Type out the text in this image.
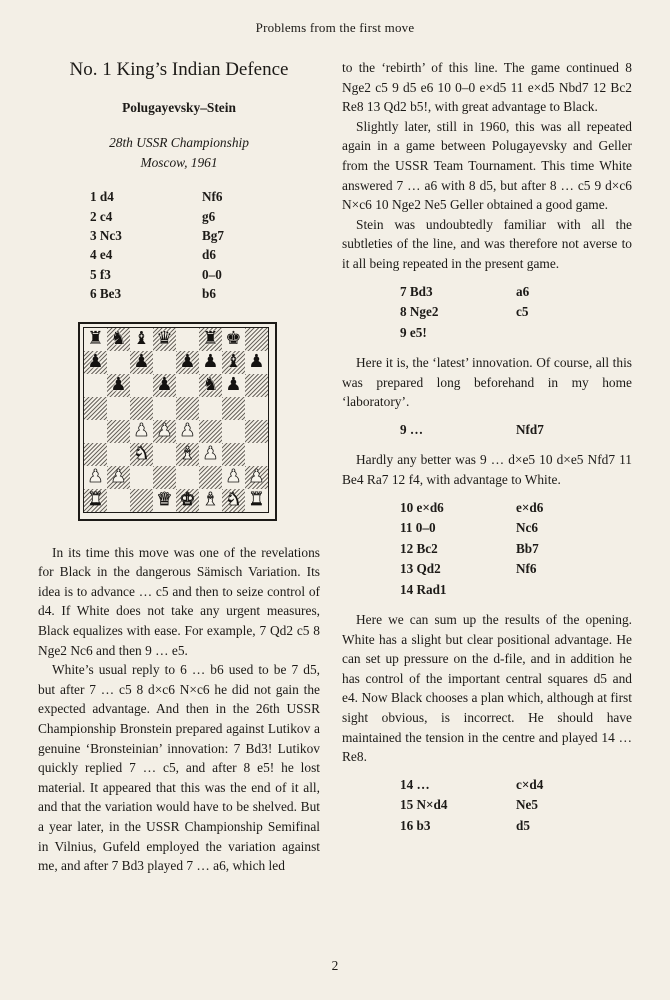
Problems from the first move
No. 1 King’s Indian Defence
Polugayevsky–Stein
28th USSR Championship
Moscow, 1961
1 d4	Nf6
2 c4	g6
3 Nc3	Bg7
4 e4	d6
5 f3	0–0
6 Be3	b6
♜ ♞ ♝ ♛ ♜ ♚
♟ ♟ ♟ ♟ ♝ ♟
♟ ♟ ♞ ♟
♟ ♟ ♟
♞ ♝ ♟
♟ ♟	♟ ♟
♜	♛ ♚ ♝ ♞ ♜

In its time this move was one of the revelations for Black in the dangerous Sämisch Variation. Its idea is to advance … c5 and then to seize control of d4. If White does not take any urgent measures, Black equalizes with ease. For example, 7 Qd2 c5 8 Nge2 Nc6 and then 9 … e5.

White’s usual reply to 6 … b6 used to be 7 d5, but after 7 … c5 8 d×c6 N×c6 he did not gain the expected advantage. And then in the 26th USSR Championship Bronstein prepared against Lutikov a genuine ‘Bronsteinian’ innovation: 7 Bd3! Lutikov quickly replied 7 … c5, and after 8 e5! he lost material. It appeared that this was the end of it all, and that the variation would have to be shelved. But a year later, in the USSR Championship Semifinal in Vilnius, Gufeld employed the variation against me, and after 7 Bd3 played 7 … a6, which led

to the ‘rebirth’ of this line. The game continued 8 Nge2 c5 9 d5 e6 10 0–0 e×d5 11 e×d5 Nbd7 12 Bc2 Re8 13 Qd2 b5!, with great advantage to Black.

Slightly later, still in 1960, this was all repeated again in a game between Polugayevsky and Geller from the USSR Team Tournament. This time White answered 7 … a6 with 8 d5, but after 8 … c5 9 d×c6 N×c6 10 Nge2 Ne5 Geller obtained a good game.

Stein was undoubtedly familiar with all the subtleties of the line, and was therefore not averse to it all being repeated in the present game.

7 Bd3	a6
8 Nge2	c5
9 e5!	

Here it is, the ‘latest’ innovation. Of course, all this was prepared long beforehand in my home ‘laboratory’.

9 …	Nfd7

Hardly any better was 9 … d×e5 10 d×e5 Nfd7 11 Be4 Ra7 12 f4, with advantage to White.

10 e×d6	e×d6
11 0–0	Nc6
12 Bc2	Bb7
13 Qd2	Nf6
14 Rad1	

Here we can sum up the results of the opening. White has a slight but clear positional advantage. He can set up pressure on the d-file, and in addition he has control of the important central squares d5 and e4. Now Black chooses a plan which, although at first sight obvious, is incorrect. He should have maintained the tension in the centre and played 14 … Re8.

14 …	c×d4
15 N×d4	Ne5
16 b3	d5
2
